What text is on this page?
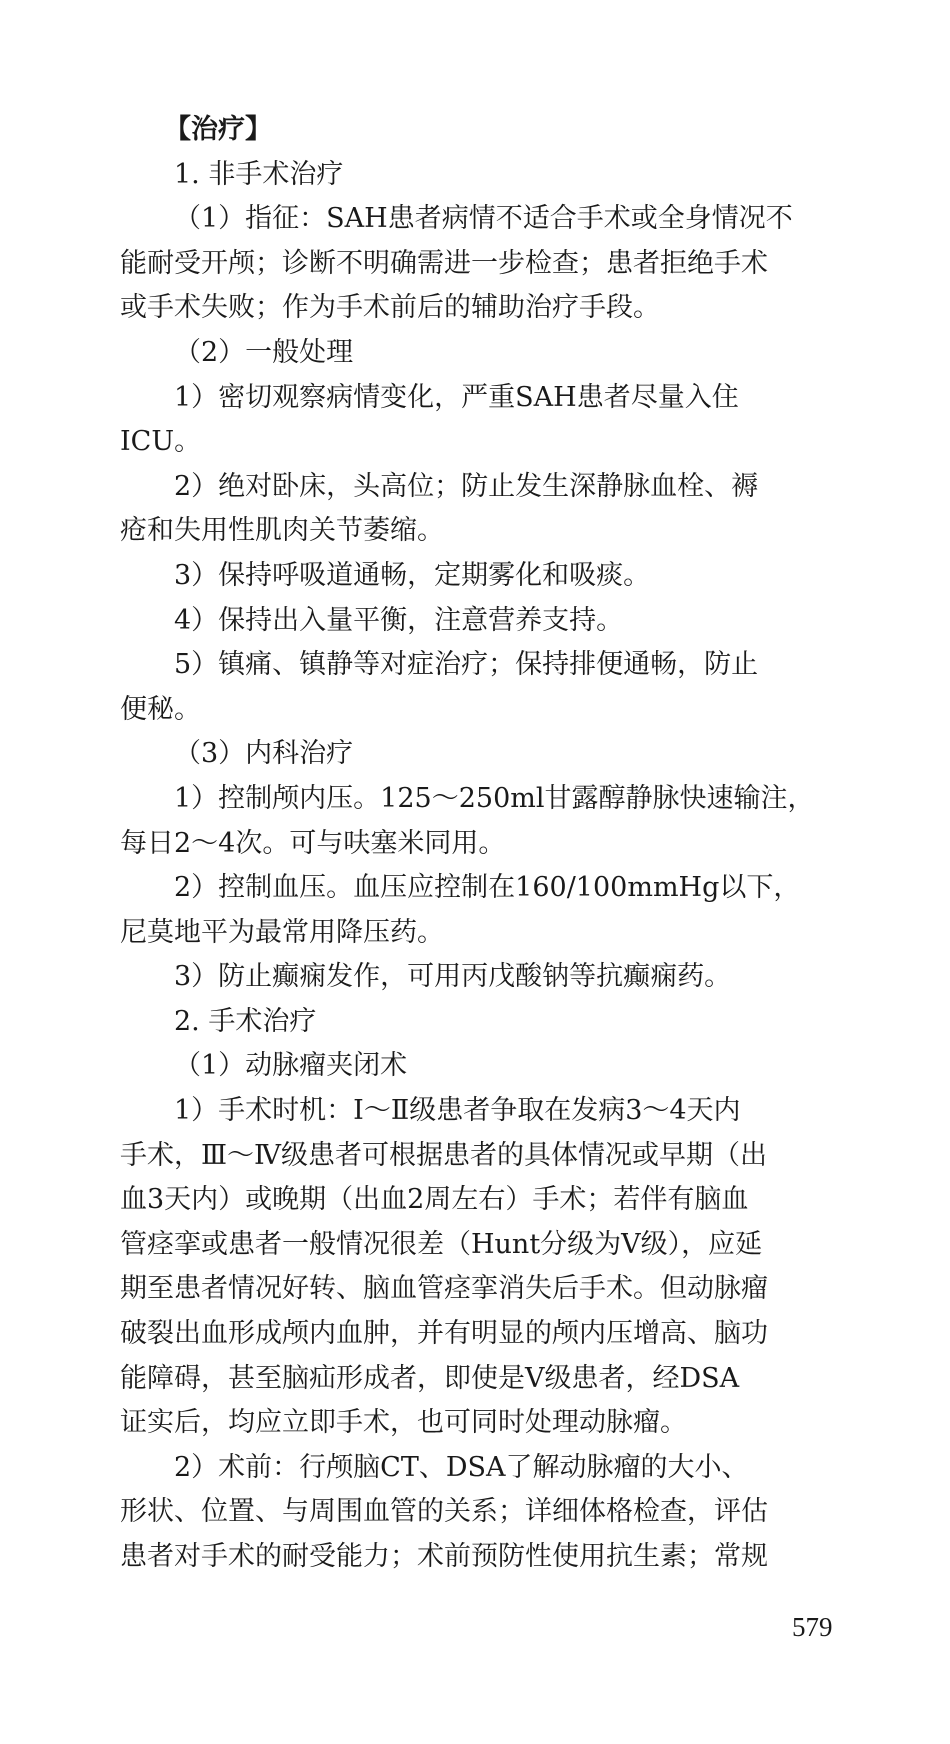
【治疗】
1. 非手术治疗
（1）指征：SAH患者病情不适合手术或全身情况不
能耐受开颅；诊断不明确需进一步检查；患者拒绝手术
或手术失败；作为手术前后的辅助治疗手段。
（2）一般处理
1）密切观察病情变化，严重SAH患者尽量入住
ICU。
2）绝对卧床，头高位；防止发生深静脉血栓、褥
疮和失用性肌肉关节萎缩。
3）保持呼吸道通畅，定期雾化和吸痰。
4）保持出入量平衡，注意营养支持。
5）镇痛、镇静等对症治疗；保持排便通畅，防止
便秘。
（3）内科治疗
1）控制颅内压。125～250ml甘露醇静脉快速输注，
每日2～4次。可与呋塞米同用。
2）控制血压。血压应控制在160/100mmHg以下，
尼莫地平为最常用降压药。
3）防止癫痫发作，可用丙戊酸钠等抗癫痫药。
2. 手术治疗
（1）动脉瘤夹闭术
1）手术时机：Ⅰ～Ⅱ级患者争取在发病3～4天内
手术，Ⅲ～Ⅳ级患者可根据患者的具体情况或早期（出
血3天内）或晚期（出血2周左右）手术；若伴有脑血
管痉挛或患者一般情况很差（Hunt分级为Ⅴ级），应延
期至患者情况好转、脑血管痉挛消失后手术。但动脉瘤
破裂出血形成颅内血肿，并有明显的颅内压增高、脑功
能障碍，甚至脑疝形成者，即使是Ⅴ级患者，经DSA
证实后，均应立即手术，也可同时处理动脉瘤。
2）术前：行颅脑CT、DSA了解动脉瘤的大小、
形状、位置、与周围血管的关系；详细体格检查，评估
患者对手术的耐受能力；术前预防性使用抗生素；常规
579
